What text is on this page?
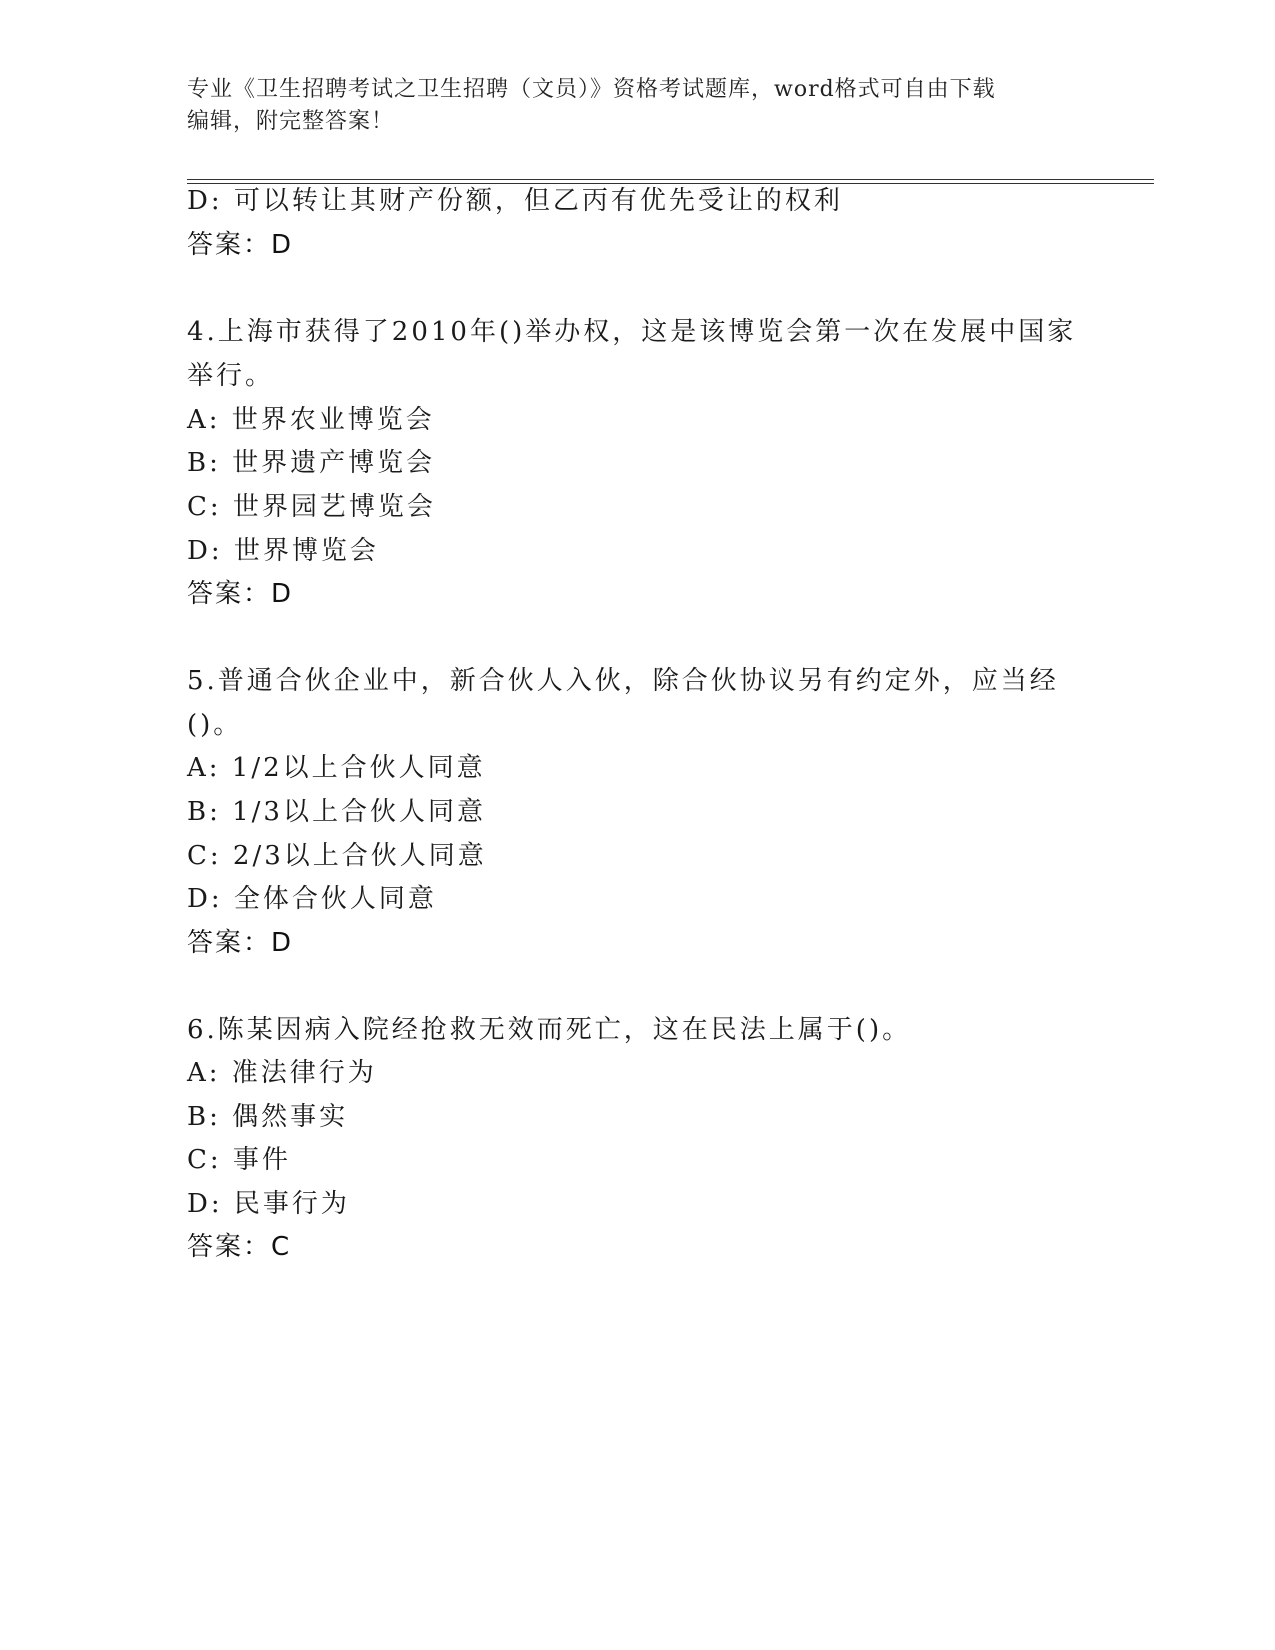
专业《卫生招聘考试之卫生招聘（文员）》资格考试题库，word格式可自由下载
编辑，附完整答案！
D: 可以转让其财产份额，但乙丙有优先受让的权利
答案：D
4.上海市获得了2010年()举办权，这是该博览会第一次在发展中国家
举行。
A: 世界农业博览会
B: 世界遗产博览会
C: 世界园艺博览会
D: 世界博览会
答案：D
5.普通合伙企业中，新合伙人入伙，除合伙协议另有约定外，应当经
()。
A: 1/2以上合伙人同意
B: 1/3以上合伙人同意
C: 2/3以上合伙人同意
D: 全体合伙人同意
答案：D
6.陈某因病入院经抢救无效而死亡，这在民法上属于()。
A: 准法律行为
B: 偶然事实
C: 事件
D: 民事行为
答案：C
